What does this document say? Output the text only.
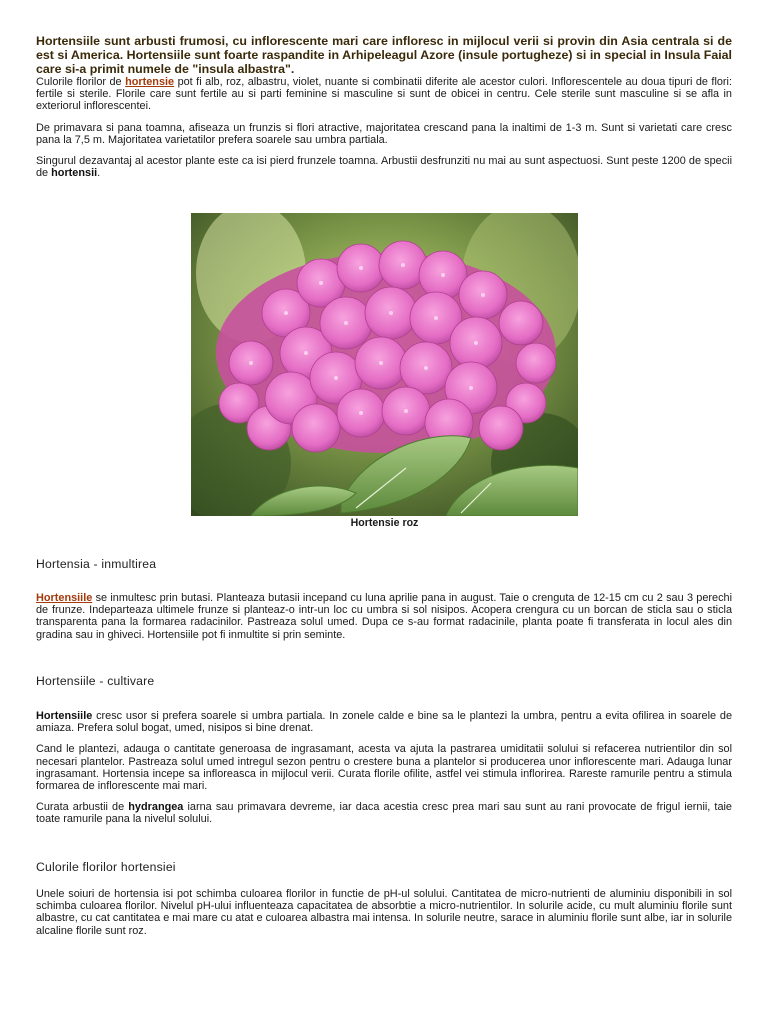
Hortensiile sunt arbusti frumosi, cu inflorescente mari care infloresc in mijlocul verii si provin din Asia centrala si de est si America. Hortensiile sunt foarte raspandite in Arhipeleagul Azore (insule portugheze) si in special in Insula Faial care si-a primit numele de "insula albastra".

Culorile florilor de hortensie pot fi alb, roz, albastru, violet, nuante si combinatii diferite ale acestor culori. Inflorescentele au doua tipuri de flori: fertile si sterile. Florile care sunt fertile au si parti feminine si masculine si sunt de obicei in centru. Cele sterile sunt masculine si se afla in exteriorul inflorescentei.

De primavara si pana toamna, afiseaza un frunzis si flori atractive, majoritatea crescand pana la inaltimi de 1-3 m. Sunt si varietati care cresc pana la 7,5 m. Majoritatea varietatilor prefera soarele sau umbra partiala.

Singurul dezavantaj al acestor plante este ca isi pierd frunzele toamna. Arbustii desfrunziti nu mai au sunt aspectuosi. Sunt peste 1200 de specii de hortensii.

Hortensie roz
Hortensia - inmultirea

Hortensiile se inmultesc prin butasi. Planteaza butasii incepand cu luna aprilie pana in august. Taie o crenguta de 12-15 cm cu 2 sau 3 perechi de frunze. Indeparteaza ultimele frunze si planteaz-o intr-un loc cu umbra si sol nisipos. Acopera crengura cu un borcan de sticla sau o sticla transparenta pana la formarea radacinilor. Pastreaza solul umed. Dupa ce s-au format radacinile, planta poate fi transferata in locul ales din gradina sau in ghiveci. Hortensiile pot fi inmultite si prin seminte.

Hortensiile - cultivare

Hortensiile cresc usor si prefera soarele si umbra partiala. In zonele calde e bine sa le plantezi la umbra, pentru a evita ofilirea in soarele de amiaza. Prefera solul bogat, umed, nisipos si bine drenat.

Cand le plantezi, adauga o cantitate generoasa de ingrasamant, acesta va ajuta la pastrarea umiditatii solului si refacerea nutrientilor din sol necesari plantelor. Pastreaza solul umed intregul sezon pentru o crestere buna a plantelor si producerea unor inflorescente mari. Adauga lunar ingrasamant. Hortensia incepe sa infloreasca in mijlocul verii. Curata florile ofilite, astfel vei stimula inflorirea. Rareste ramurile pentru a stimula formarea de inflorescente mai mari.

Curata arbustii de hydrangea iarna sau primavara devreme, iar daca acestia cresc prea mari sau sunt au rani provocate de frigul iernii, taie toate ramurile pana la nivelul solului.

Culorile florilor hortensiei

Unele soiuri de hortensia isi pot schimba culoarea florilor in functie de pH-ul solului. Cantitatea de micro-nutrienti de aluminiu disponibili in sol schimba culoarea florilor. Nivelul pH-ului influenteaza capacitatea de absorbtie a micro-nutrientilor. In solurile acide, cu mult aluminiu florile sunt albastre, cu cat cantitatea e mai mare cu atat e culoarea albastra mai intensa. In solurile neutre, sarace in aluminiu florile sunt albe, iar in solurile alcaline florile sunt roz.
